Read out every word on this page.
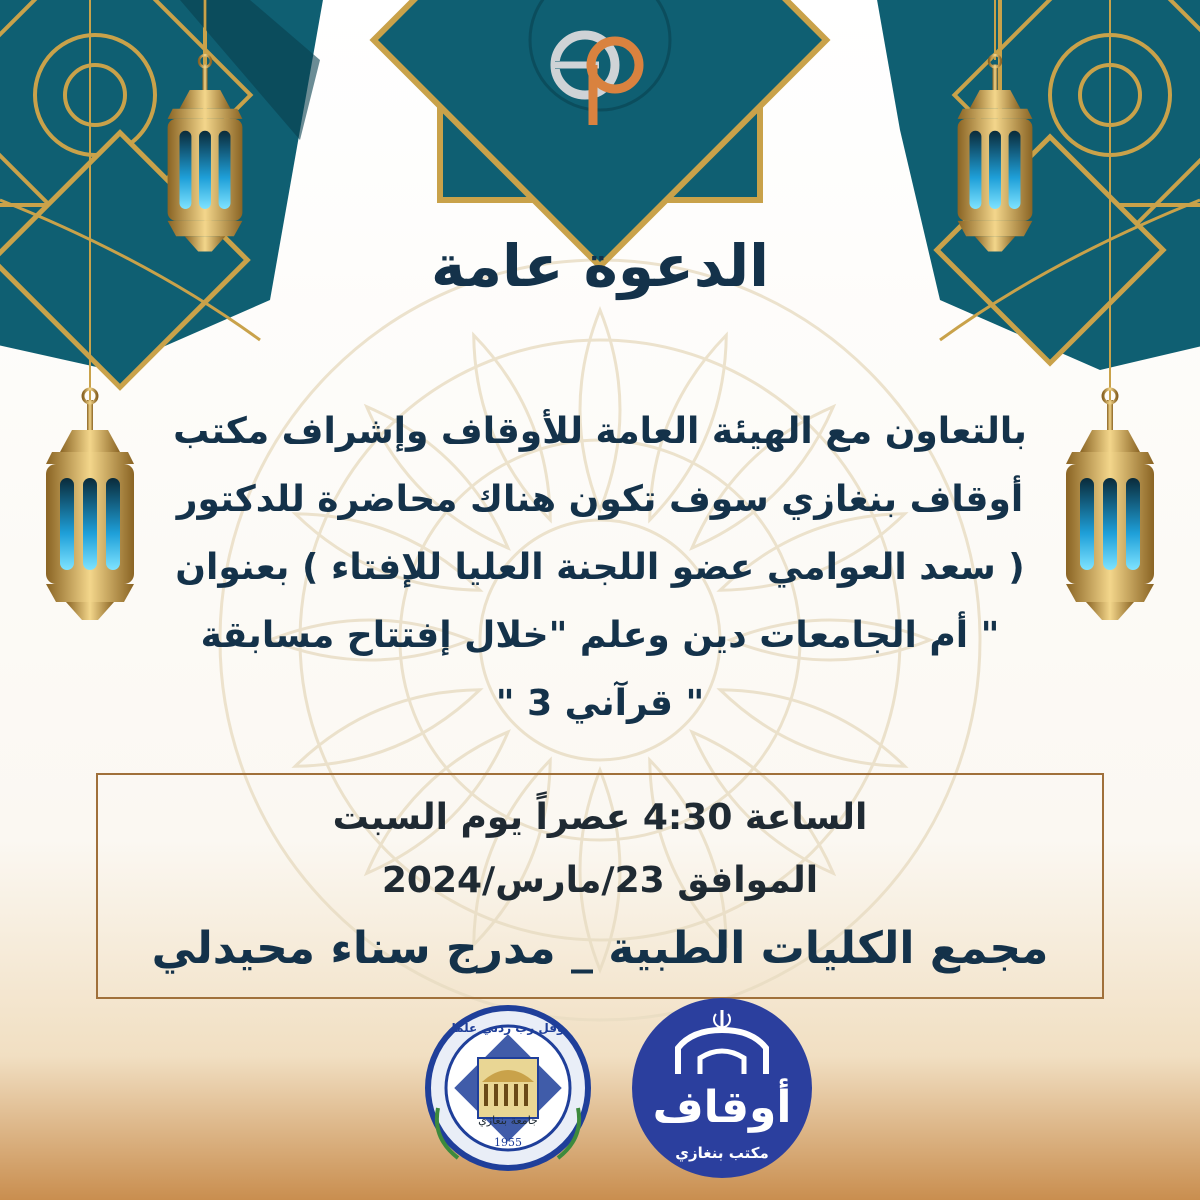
الدعوة عامة
بالتعاون مع الهيئة العامة للأوقاف وإشراف مكتب
أوقاف بنغازي سوف تكون هناك محاضرة للدكتور
( سعد العوامي عضو اللجنة العليا للإفتاء ) بعنوان
" أم الجامعات دين وعلم "خلال إفتتاح مسابقة
" قرآني 3 "
الساعة 4:30 عصراً يوم السبت
الموافق 23/مارس/2024
مجمع الكليات الطبية _ مدرج سناء محيدلي
جامعة بنغازي
وقل رب زدني علما
1955
أوقاف
مكتب بنغازي
